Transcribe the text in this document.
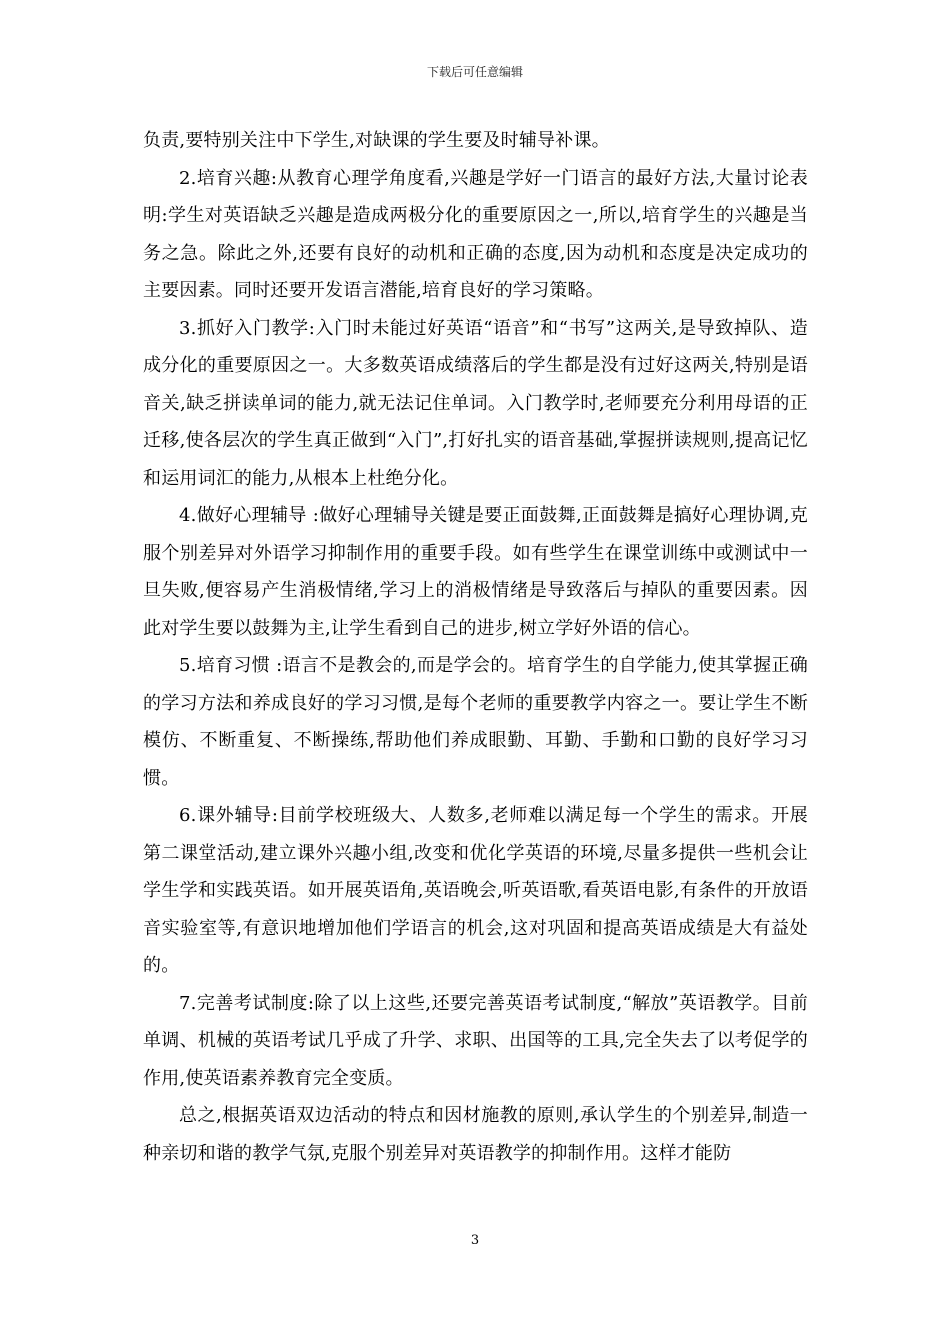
下载后可任意编辑

负责,要特别关注中下学生,对缺课的学生要及时辅导补课。

2.培育兴趣:从教育心理学角度看,兴趣是学好一门语言的最好方法,大量讨论表明:学生对英语缺乏兴趣是造成两极分化的重要原因之一,所以,培育学生的兴趣是当务之急。除此之外,还要有良好的动机和正确的态度,因为动机和态度是决定成功的主要因素。同时还要开发语言潜能,培育良好的学习策略。

3.抓好入门教学:入门时未能过好英语“语音”和“书写”这两关,是导致掉队、造成分化的重要原因之一。大多数英语成绩落后的学生都是没有过好这两关,特别是语音关,缺乏拼读单词的能力,就无法记住单词。入门教学时,老师要充分利用母语的正迁移,使各层次的学生真正做到“入门”,打好扎实的语音基础,掌握拼读规则,提高记忆和运用词汇的能力,从根本上杜绝分化。

4.做好心理辅导 :做好心理辅导关键是要正面鼓舞,正面鼓舞是搞好心理协调,克服个别差异对外语学习抑制作用的重要手段。如有些学生在课堂训练中或测试中一旦失败,便容易产生消极情绪,学习上的消极情绪是导致落后与掉队的重要因素。因此对学生要以鼓舞为主,让学生看到自己的进步,树立学好外语的信心。

5.培育习惯 :语言不是教会的,而是学会的。培育学生的自学能力,使其掌握正确的学习方法和养成良好的学习习惯,是每个老师的重要教学内容之一。要让学生不断模仿、不断重复、不断操练,帮助他们养成眼勤、耳勤、手勤和口勤的良好学习习惯。

6.课外辅导:目前学校班级大、人数多,老师难以满足每一个学生的需求。开展第二课堂活动,建立课外兴趣小组,改变和优化学英语的环境,尽量多提供一些机会让学生学和实践英语。如开展英语角,英语晚会,听英语歌,看英语电影,有条件的开放语音实验室等,有意识地增加他们学语言的机会,这对巩固和提高英语成绩是大有益处的。

7.完善考试制度:除了以上这些,还要完善英语考试制度,“解放”英语教学。目前单调、机械的英语考试几乎成了升学、求职、出国等的工具,完全失去了以考促学的作用,使英语素养教育完全变质。

总之,根据英语双边活动的特点和因材施教的原则,承认学生的个别差异,制造一种亲切和谐的教学气氛,克服个别差异对英语教学的抑制作用。这样才能防

3
